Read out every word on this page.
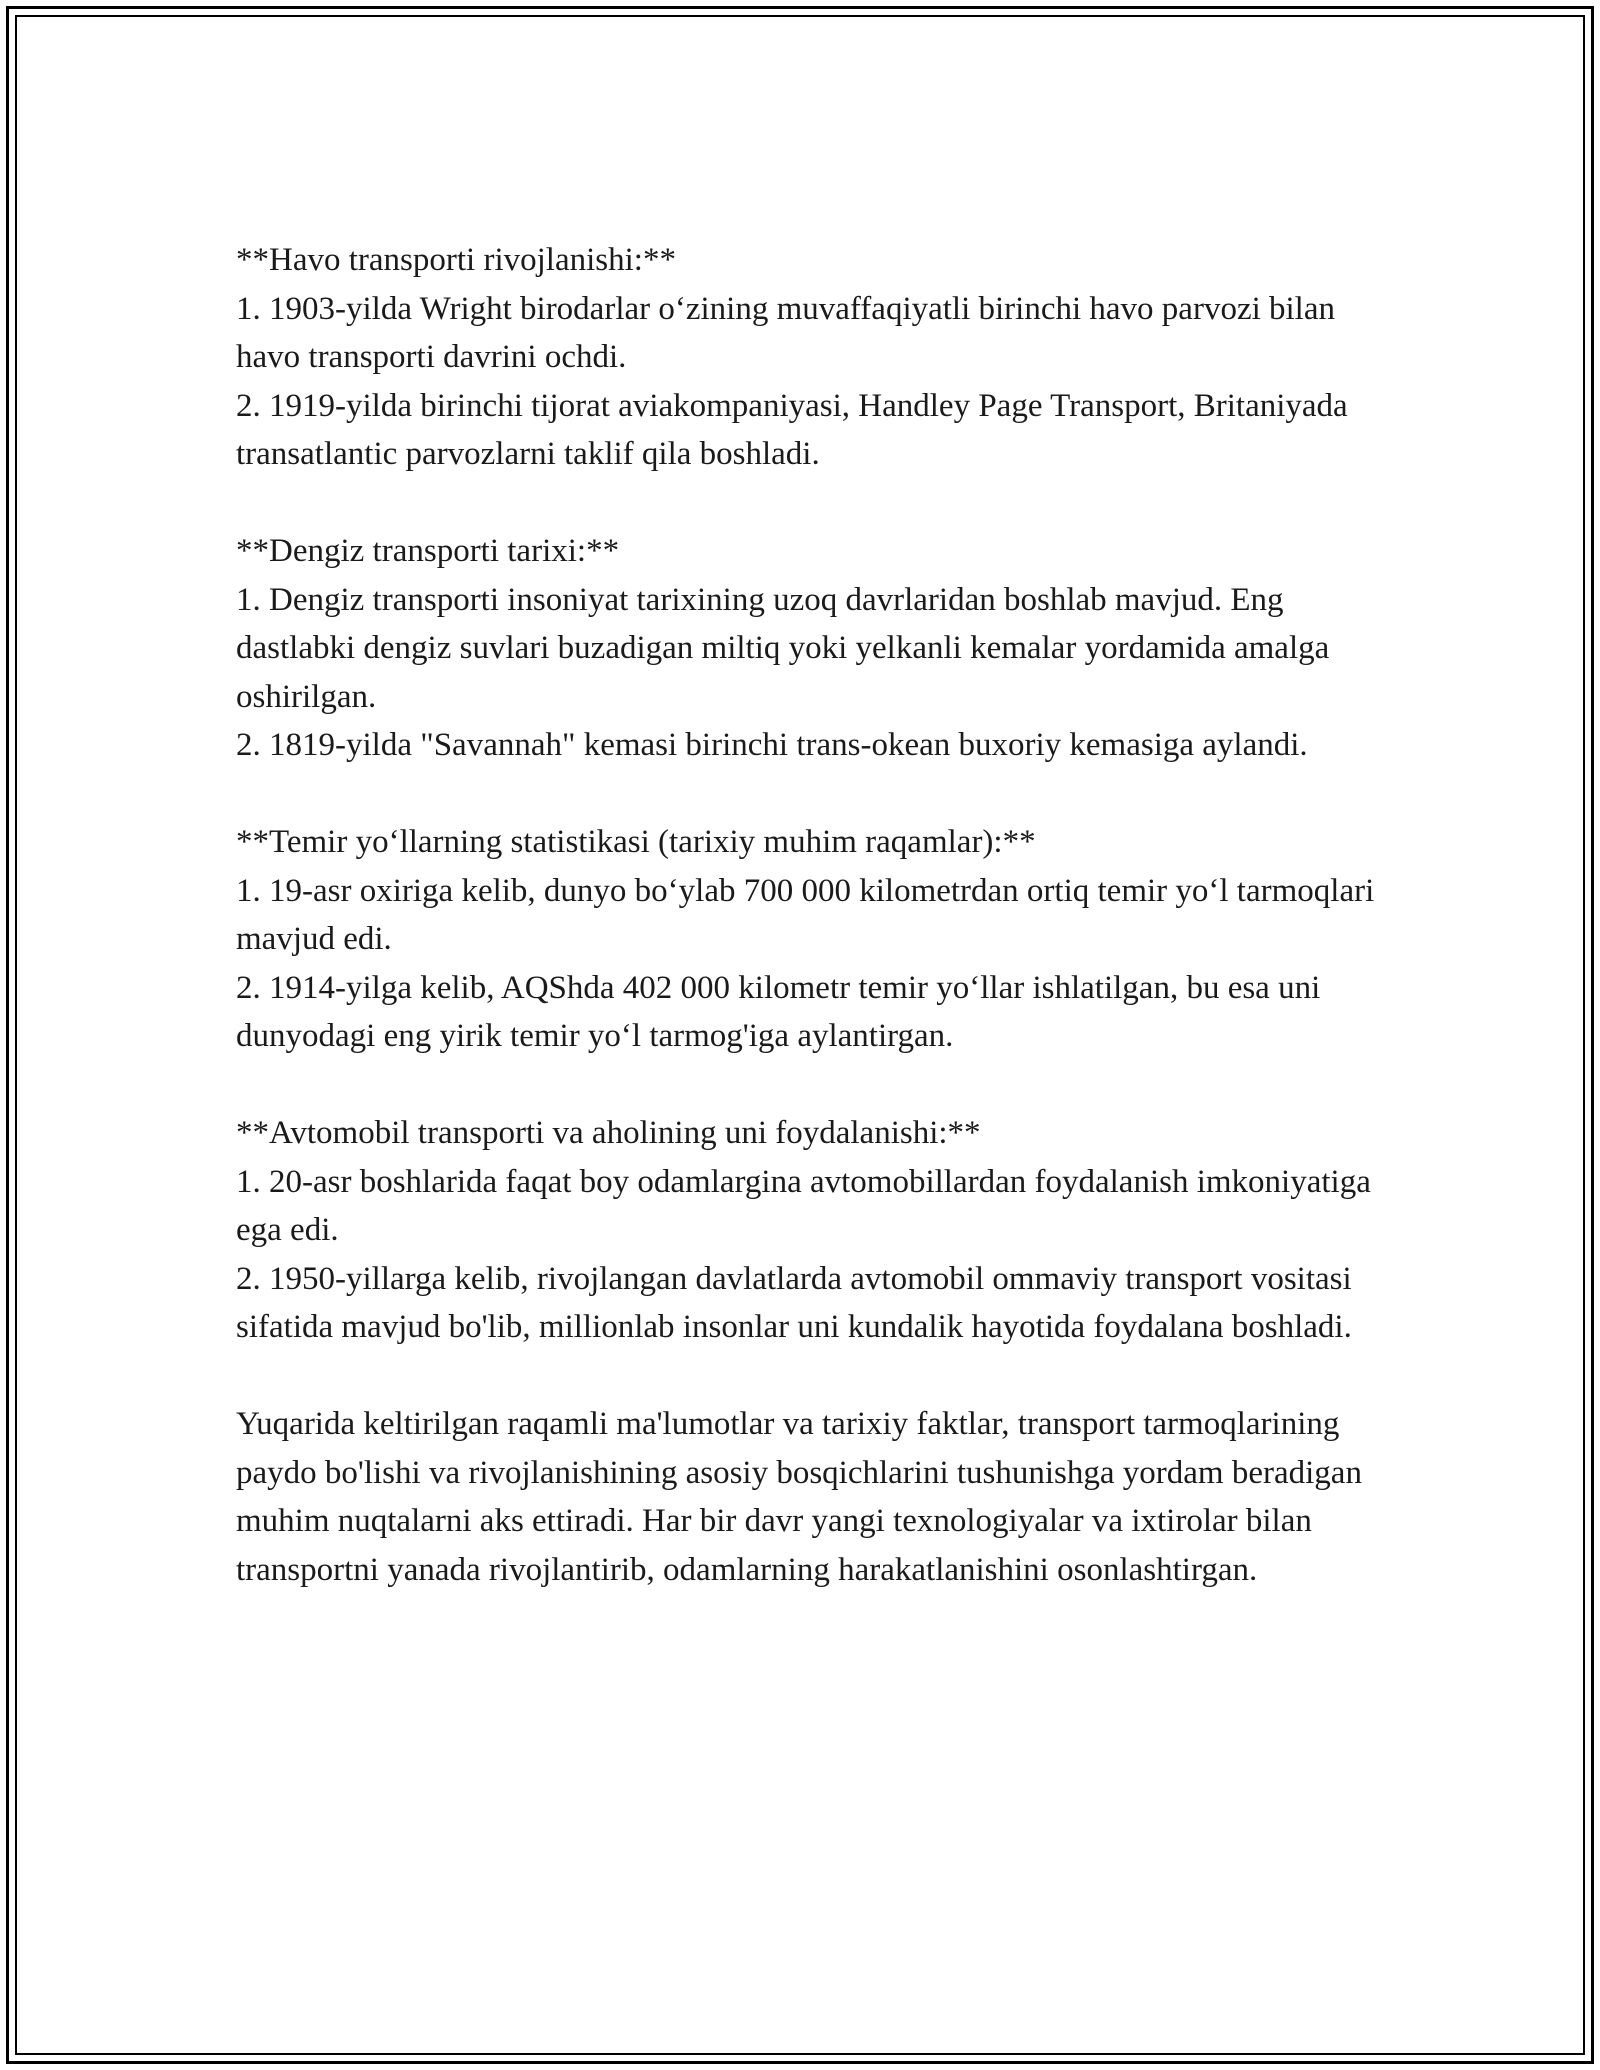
**Havo transporti rivojlanishi:**

1. 1903-yilda Wright birodarlar o‘zining muvaffaqiyatli birinchi havo parvozi bilan havo transporti davrini ochdi.

2. 1919-yilda birinchi tijorat aviakompaniyasi, Handley Page Transport, Britaniyada transatlantic parvozlarni taklif qila boshladi.

**Dengiz transporti tarixi:**

1. Dengiz transporti insoniyat tarixining uzoq davrlaridan boshlab mavjud. Eng dastlabki dengiz suvlari buzadigan miltiq yoki yelkanli kemalar yordamida amalga oshirilgan.

2. 1819-yilda "Savannah" kemasi birinchi trans-okean buxoriy kemasiga aylandi.

**Temir yo‘llarning statistikasi (tarixiy muhim raqamlar):**

1. 19-asr oxiriga kelib, dunyo bo‘ylab 700 000 kilometrdan ortiq temir yo‘l tarmoqlari mavjud edi.

2. 1914-yilga kelib, AQShda 402 000 kilometr temir yo‘llar ishlatilgan, bu esa uni dunyodagi eng yirik temir yo‘l tarmog'iga aylantirgan.

**Avtomobil transporti va aholining uni foydalanishi:**

1. 20-asr boshlarida faqat boy odamlargina avtomobillardan foydalanish imkoniyatiga ega edi.

2. 1950-yillarga kelib, rivojlangan davlatlarda avtomobil ommaviy transport vositasi sifatida mavjud bo'lib, millionlab insonlar uni kundalik hayotida foydalana boshladi.

Yuqarida keltirilgan raqamli ma'lumotlar va tarixiy faktlar, transport tarmoqlarining paydo bo'lishi va rivojlanishining asosiy bosqichlarini tushunishga yordam beradigan muhim nuqtalarni aks ettiradi. Har bir davr yangi texnologiyalar va ixtirolar bilan transportni yanada rivojlantirib, odamlarning harakatlanishini osonlashtirgan.
